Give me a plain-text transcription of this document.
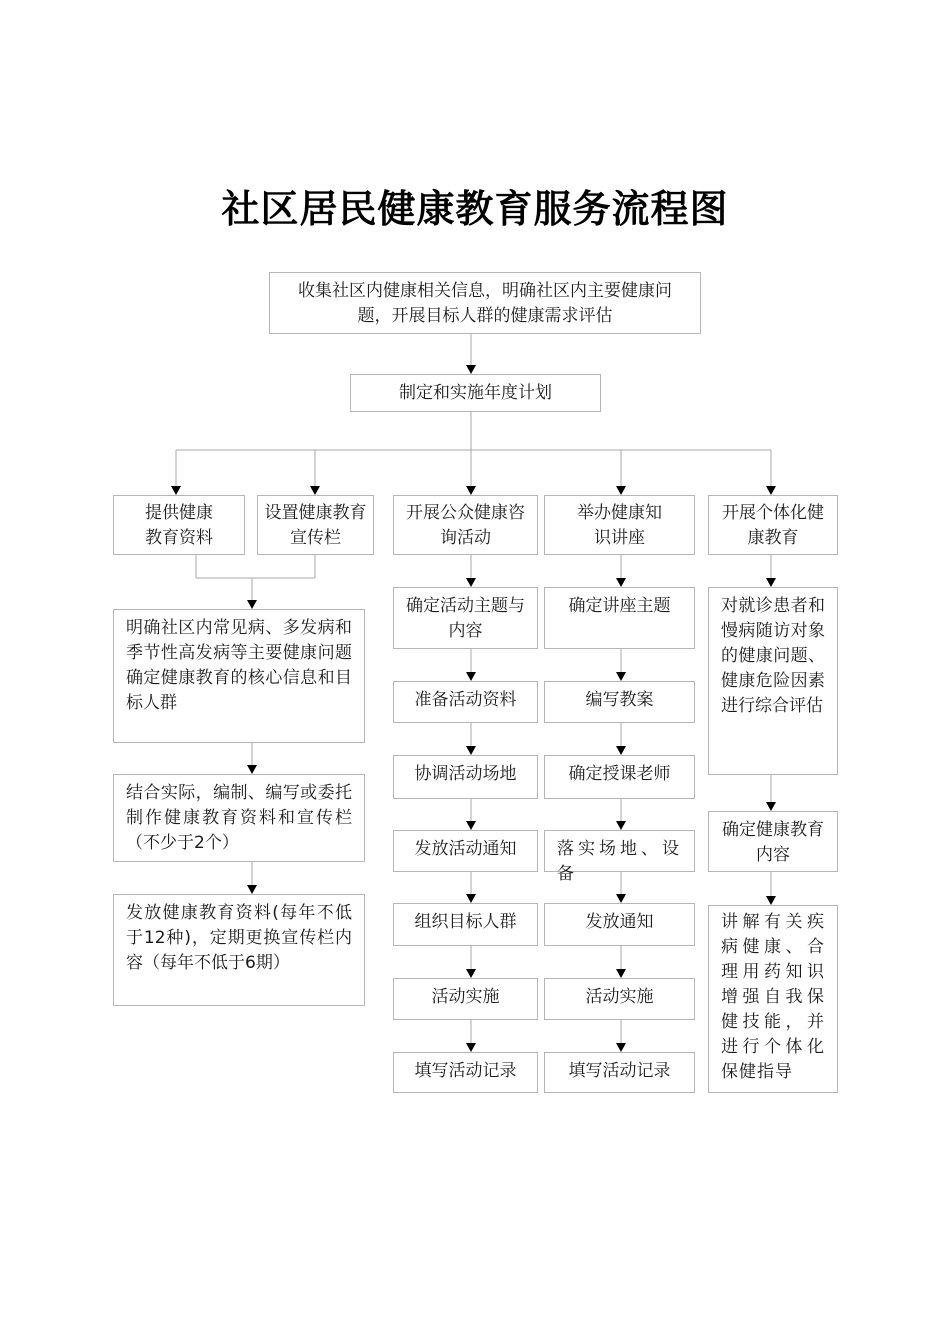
社区居民健康教育服务流程图
收集社区内健康相关信息，明确社区内主要健康问题，开展目标人群的健康需求评估
制定和实施年度计划
提供健康教育资料
设置健康教育宣传栏
开展公众健康咨询活动
举办健康知识讲座
开展个体化健康教育
明确社区内常见病、多发病和季节性高发病等主要健康问题确定健康教育的核心信息和目标人群
结合实际，编制、编写或委托制作健康教育资料和宣传栏（不少于2个）
发放健康教育资料(每年不低于12种)，定期更换宣传栏内容（每年不低于6期）
确定活动主题与内容
准备活动资料
协调活动场地
发放活动通知
组织目标人群
活动实施
填写活动记录
确定讲座主题
编写教案
确定授课老师
落实场地、设备
发放通知
活动实施
填写活动记录
对就诊患者和慢病随访对象的健康问题、健康危险因素进行综合评估
确定健康教育内容
讲解有关疾病健康、合理用药知识增强自我保健技能，并进行个体化保健指导
